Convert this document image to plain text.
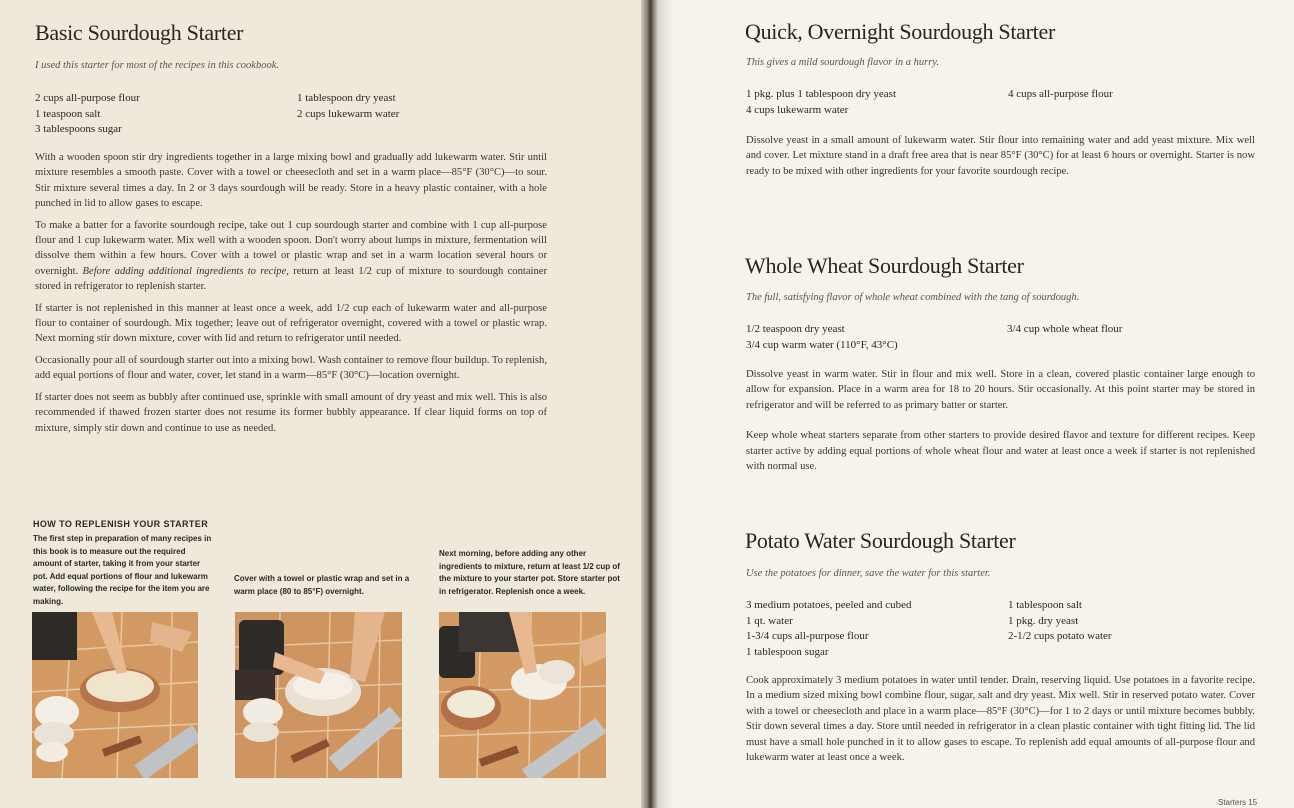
Basic Sourdough Starter
I used this starter for most of the recipes in this cookbook.
2 cups all-purpose flour
1 teaspoon salt
3 tablespoons sugar
1 tablespoon dry yeast
2 cups lukewarm water

With a wooden spoon stir dry ingredients together in a large mixing bowl and gradually add lukewarm water. Stir until mixture resembles a smooth paste. Cover with a towel or cheesecloth and set in a warm place—85°F (30°C)—to sour. Stir mixture several times a day. In 2 or 3 days sourdough will be ready. Store in a heavy plastic container, with a hole punched in lid to allow gases to escape.

To make a batter for a favorite sourdough recipe, take out 1 cup sourdough starter and combine with 1 cup all-purpose flour and 1 cup lukewarm water. Mix well with a wooden spoon. Don't worry about lumps in mixture, fermentation will dissolve them within a few hours. Cover with a towel or plastic wrap and set in a warm location several hours or overnight. Before adding additional ingredients to recipe, return at least 1/2 cup of mixture to sourdough container stored in refrigerator to replenish starter.

If starter is not replenished in this manner at least once a week, add 1/2 cup each of lukewarm water and all-purpose flour to container of sourdough. Mix together; leave out of refrigerator overnight, covered with a towel or plastic wrap. Next morning stir down mixture, cover with lid and return to refrigerator until needed.

Occasionally pour all of sourdough starter out into a mixing bowl. Wash container to remove flour buildup. To replenish, add equal portions of flour and water, cover, let stand in a warm—85°F (30°C)—location overnight.

If starter does not seem as bubbly after continued use, sprinkle with small amount of dry yeast and mix well. This is also recommended if thawed frozen starter does not resume its former bubbly appearance. If clear liquid forms on top of mixture, simply stir down and continue to use as needed.

HOW TO REPLENISH YOUR STARTER
The first step in preparation of many recipes in this book is to measure out the required amount of starter, taking it from your starter pot. Add equal portions of flour and lukewarm water, following the recipe for the item you are making.
Cover with a towel or plastic wrap and set in a warm place (80 to 85°F) overnight.
Next morning, before adding any other ingredients to mixture, return at least 1/2 cup of the mixture to your starter pot. Store starter pot in refrigerator. Replenish once a week.
Quick, Overnight Sourdough Starter
This gives a mild sourdough flavor in a hurry.
1 pkg. plus 1 tablespoon dry yeast
4 cups lukewarm water
4 cups all-purpose flour

Dissolve yeast in a small amount of lukewarm water. Stir flour into remaining water and add yeast mixture. Mix well and cover. Let mixture stand in a draft free area that is near 85°F (30°C) for at least 6 hours or overnight. Starter is now ready to be mixed with other ingredients for your favorite sourdough recipe.

Whole Wheat Sourdough Starter
The full, satisfying flavor of whole wheat combined with the tang of sourdough.
1/2 teaspoon dry yeast
3/4 cup warm water (110°F, 43°C)
3/4 cup whole wheat flour

Dissolve yeast in warm water. Stir in flour and mix well. Store in a clean, covered plastic container large enough to allow for expansion. Place in a warm area for 18 to 20 hours. Stir occasionally. At this point starter may be stored in refrigerator and will be referred to as primary batter or starter.

Keep whole wheat starters separate from other starters to provide desired flavor and texture for different recipes. Keep starter active by adding equal portions of whole wheat flour and water at least once a week if starter is not replenished with normal use.

Potato Water Sourdough Starter
Use the potatoes for dinner, save the water for this starter.
3 medium potatoes, peeled and cubed
1 qt. water
1-3/4 cups all-purpose flour
1 tablespoon sugar
1 tablespoon salt
1 pkg. dry yeast
2-1/2 cups potato water

Cook approximately 3 medium potatoes in water until tender. Drain, reserving liquid. Use potatoes in a favorite recipe. In a medium sized mixing bowl combine flour, sugar, salt and dry yeast. Mix well. Stir in reserved potato water. Cover with a towel or cheesecloth and place in a warm place—85°F (30°C)—for 1 to 2 days or until mixture becomes bubbly. Stir down several times a day. Store until needed in refrigerator in a clean plastic container with tight fitting lid. The lid must have a small hole punched in it to allow gases to escape. To replenish add equal amounts of all-purpose flour and lukewarm water at least once a week.

Starters 15
